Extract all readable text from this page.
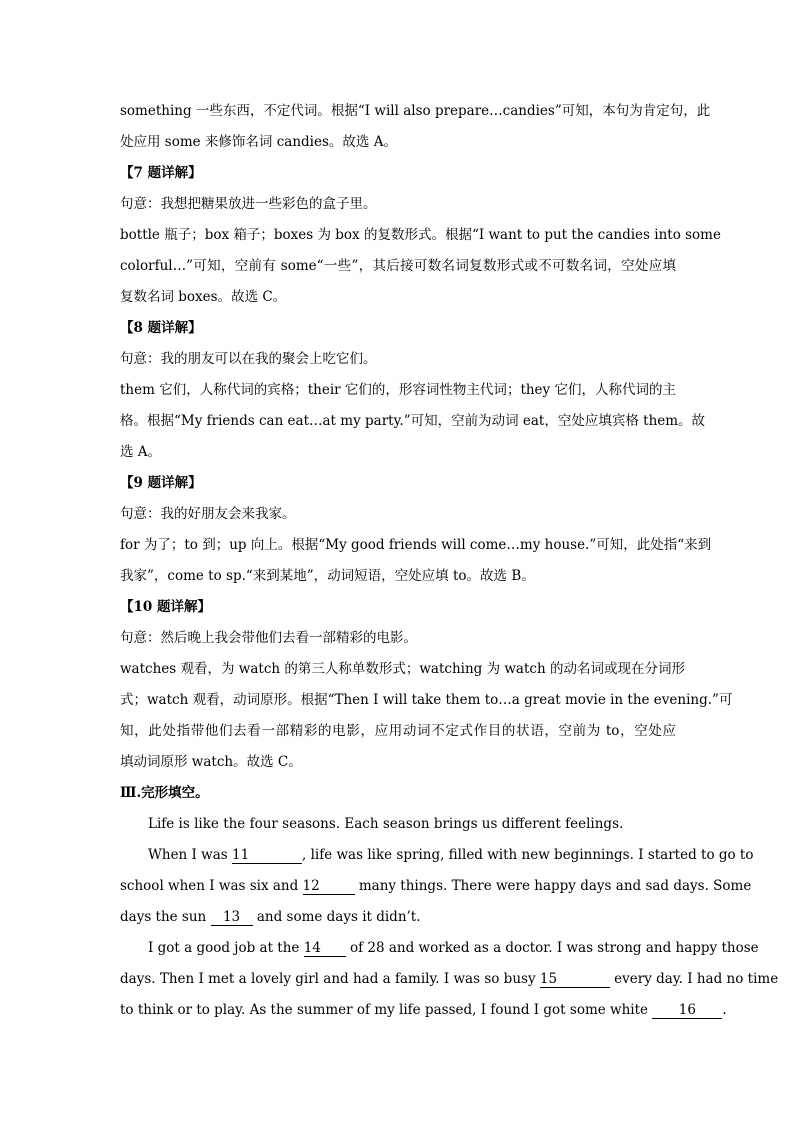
something 一些东西，不定代词。根据“I will also prepare…candies”可知，本句为肯定句，此
处应用 some 来修饰名词 candies。故选 A。
【7 题详解】
句意：我想把糖果放进一些彩色的盒子里。
bottle 瓶子；box 箱子；boxes 为 box 的复数形式。根据“I want to put the candies into some
colorful…”可知，空前有 some“一些”，其后接可数名词复数形式或不可数名词，空处应填
复数名词 boxes。故选 C。
【8 题详解】
句意：我的朋友可以在我的聚会上吃它们。
them 它们，人称代词的宾格；their 它们的，形容词性物主代词；they 它们，人称代词的主
格。根据“My friends can eat…at my party.”可知，空前为动词 eat，空处应填宾格 them。故
选 A。
【9 题详解】
句意：我的好朋友会来我家。
for 为了；to 到；up 向上。根据“My good friends will come…my house.”可知，此处指“来到
我家”，come to sp.“来到某地”，动词短语，空处应填 to。故选 B。
【10 题详解】
句意：然后晚上我会带他们去看一部精彩的电影。
watches 观看，为 watch 的第三人称单数形式；watching 为 watch 的动名词或现在分词形
式；watch 观看，动词原形。根据“Then I will take them to…a great movie in the evening.”可
知，此处指带他们去看一部精彩的电影，应用动词不定式作目的状语，空前为 to，空处应
填动词原形 watch。故选 C。
Ⅲ.完形填空。
Life is like the four seasons. Each season brings us different feelings.
When I was 11	, life was like spring, filled with new beginnings. I started to go to
school when I was six and 12	many things. There were happy days and sad days. Some
days the sun 13 and some days it didn’t.
I got a good job at the 14 of 28 and worked as a doctor. I was strong and happy those
days. Then I met a lovely girl and had a family. I was so busy 15	every day. I had no time
to think or to play. As the summer of my life passed, I found I got some white 16 .
